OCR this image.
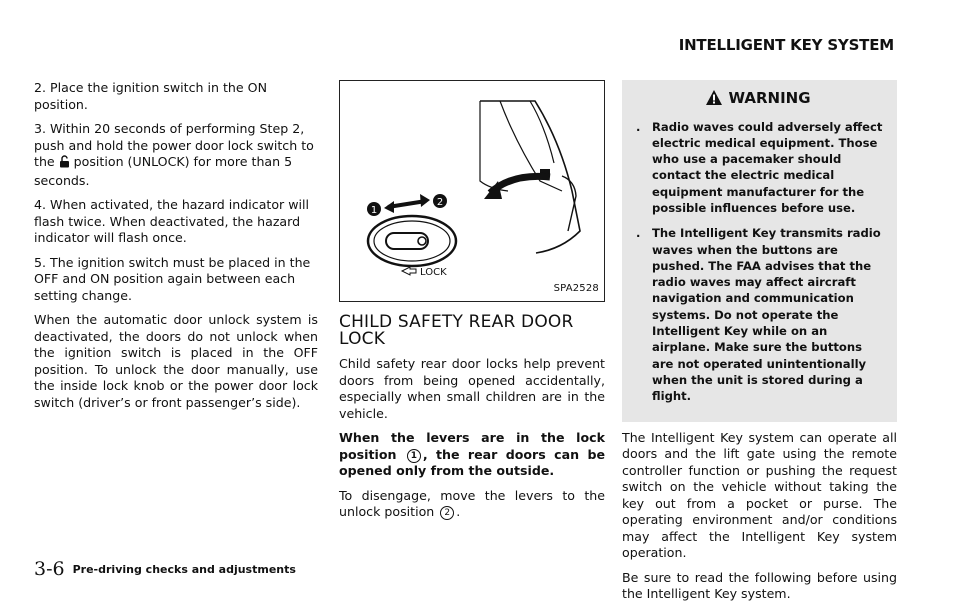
INTELLIGENT KEY SYSTEM
2. Place the ignition switch in the ON position.
3. Within 20 seconds of performing Step 2, push and hold the power door lock switch to the position (UNLOCK) for more than 5 seconds.
4. When activated, the hazard indicator will flash twice. When deactivated, the hazard indicator will flash once.
5. The ignition switch must be placed in the OFF and ON position again between each setting change.

When the automatic door unlock system is deactivated, the doors do not unlock when the ignition switch is placed in the OFF position. To unlock the door manually, use the inside lock knob or the power door lock switch (driver’s or front passenger’s side).

1
2
LOCK
SPA2528
CHILD SAFETY REAR DOOR LOCK

Child safety rear door locks help prevent doors from being opened accidentally, especially when small children are in the vehicle.

When the levers are in the lock position 1 , the rear doors can be opened only from the outside.

To disengage, move the levers to the unlock position 2 .

WARNING
. Radio waves could adversely affect electric medical equipment. Those who use a pacemaker should contact the electric medical equipment manufacturer for the possible influences before use.
. The Intelligent Key transmits radio waves when the buttons are pushed. The FAA advises that the radio waves may affect aircraft navigation and communication systems. Do not operate the Intelligent Key while on an airplane. Make sure the buttons are not operated unintentionally when the unit is stored during a flight.

The Intelligent Key system can operate all doors and the lift gate using the remote controller function or pushing the request switch on the vehicle without taking the key out from a pocket or purse. The operating environment and/or conditions may affect the Intelligent Key system operation.

Be sure to read the following before using the Intelligent Key system.

3-6 Pre-driving checks and adjustments
